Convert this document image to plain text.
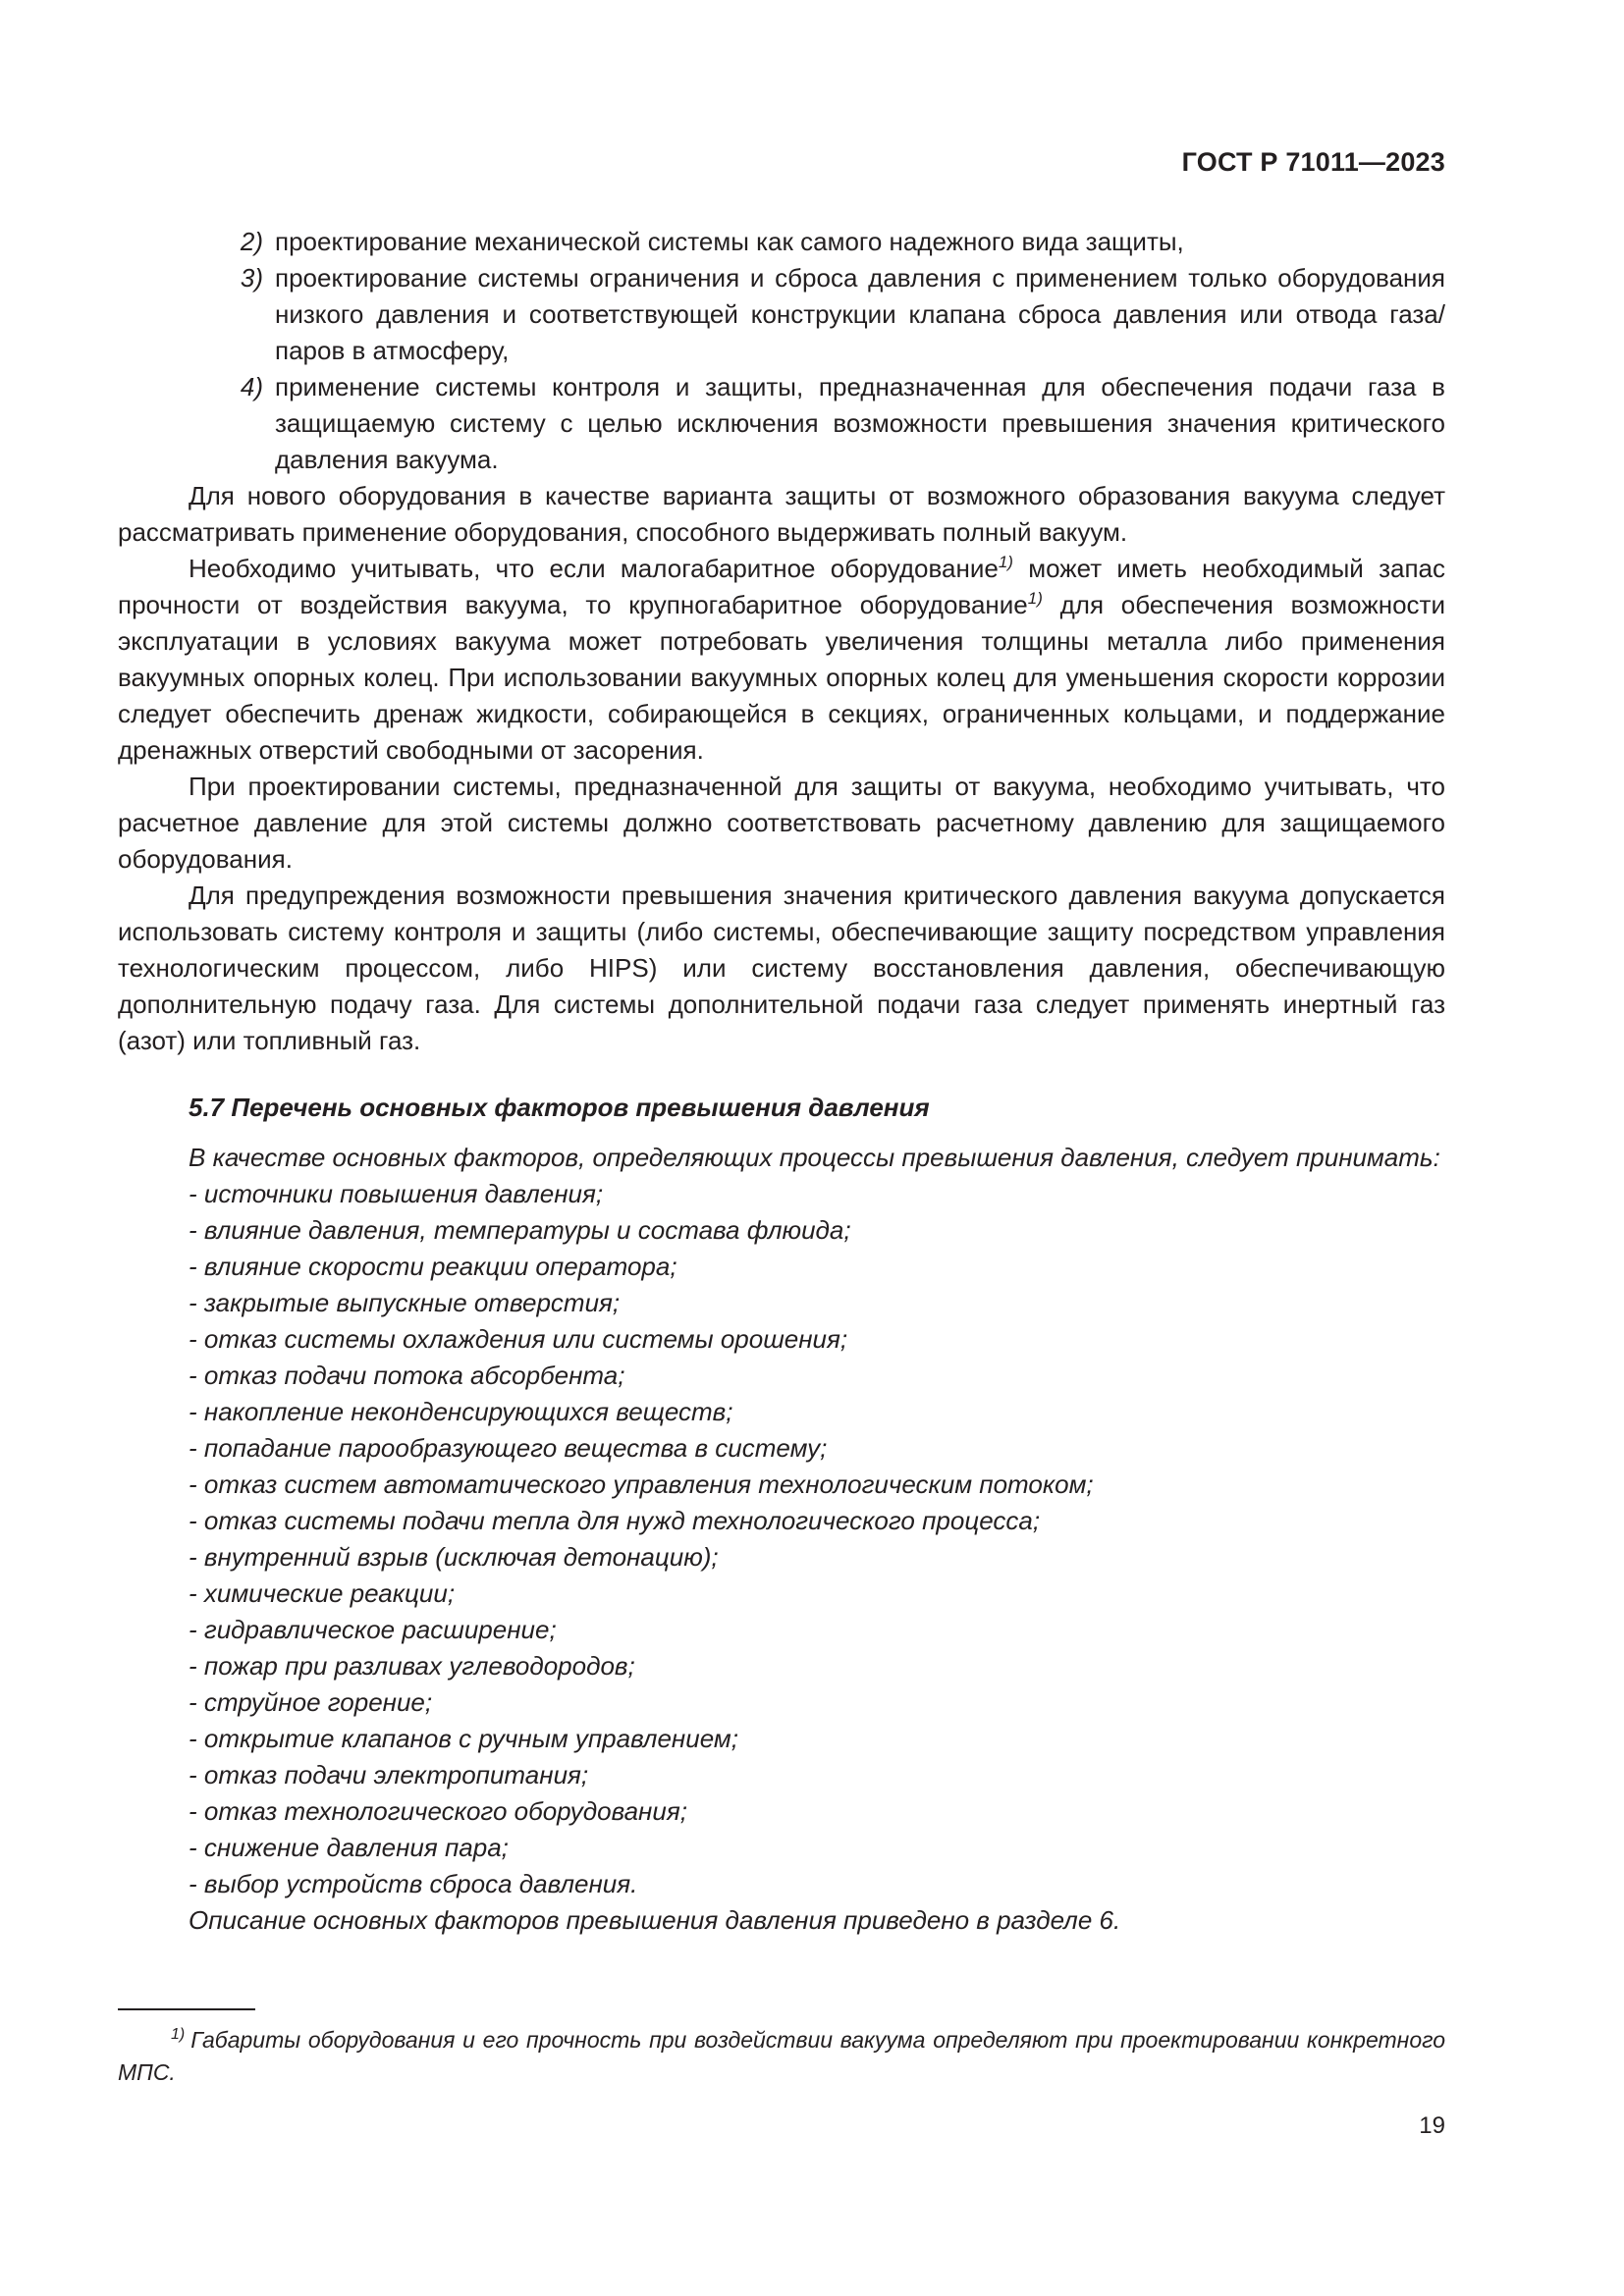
ГОСТ Р 71011—2023
2) проектирование механической системы как самого надежного вида защиты,
3) проектирование системы ограничения и сброса давления с применением только оборудования низкого давления и соответствующей конструкции клапана сброса давления или отвода газа/паров в атмосферу,
4) применение системы контроля и защиты, предназначенная для обеспечения подачи газа в защищаемую систему с целью исключения возможности превышения значения критического давления вакуума.

Для нового оборудования в качестве варианта защиты от возможного образования вакуума следует рассматривать применение оборудования, способного выдерживать полный вакуум.

Необходимо учитывать, что если малогабаритное оборудование$^{1)}$ может иметь необходимый запас прочности от воздействия вакуума, то крупногабаритное оборудование$^{1)}$ для обеспечения возможности эксплуатации в условиях вакуума может потребовать увеличения толщины металла либо применения вакуумных опорных колец. При использовании вакуумных опорных колец для уменьшения скорости коррозии следует обеспечить дренаж жидкости, собирающейся в секциях, ограниченных кольцами, и поддержание дренажных отверстий свободными от засорения.

При проектировании системы, предназначенной для защиты от вакуума, необходимо учитывать, что расчетное давление для этой системы должно соответствовать расчетному давлению для защищаемого оборудования.

Для предупреждения возможности превышения значения критического давления вакуума допускается использовать систему контроля и защиты (либо системы, обеспечивающие защиту посредством управления технологическим процессом, либо HIPS) или систему восстановления давления, обеспечивающую дополнительную подачу газа. Для системы дополнительной подачи газа следует применять инертный газ (азот) или топливный газ.

5.7 Перечень основных факторов превышения давления

В качестве основных факторов, определяющих процессы превышения давления, следует принимать:

- источники повышения давления;
- влияние давления, температуры и состава флюида;
- влияние скорости реакции оператора;
- закрытые выпускные отверстия;
- отказ системы охлаждения или системы орошения;
- отказ подачи потока абсорбента;
- накопление неконденсирующихся веществ;
- попадание парообразующего вещества в систему;
- отказ систем автоматического управления технологическим потоком;
- отказ системы подачи тепла для нужд технологического процесса;
- внутренний взрыв (исключая детонацию);
- химические реакции;
- гидравлическое расширение;
- пожар при разливах углеводородов;
- струйное горение;
- открытие клапанов с ручным управлением;
- отказ подачи электропитания;
- отказ технологического оборудования;
- снижение давления пара;
- выбор устройств сброса давления.

Описание основных факторов превышения давления приведено в разделе 6.

$^{1)}$ Габариты оборудования и его прочность при воздействии вакуума определяют при проектировании конкретного МПС.
19
